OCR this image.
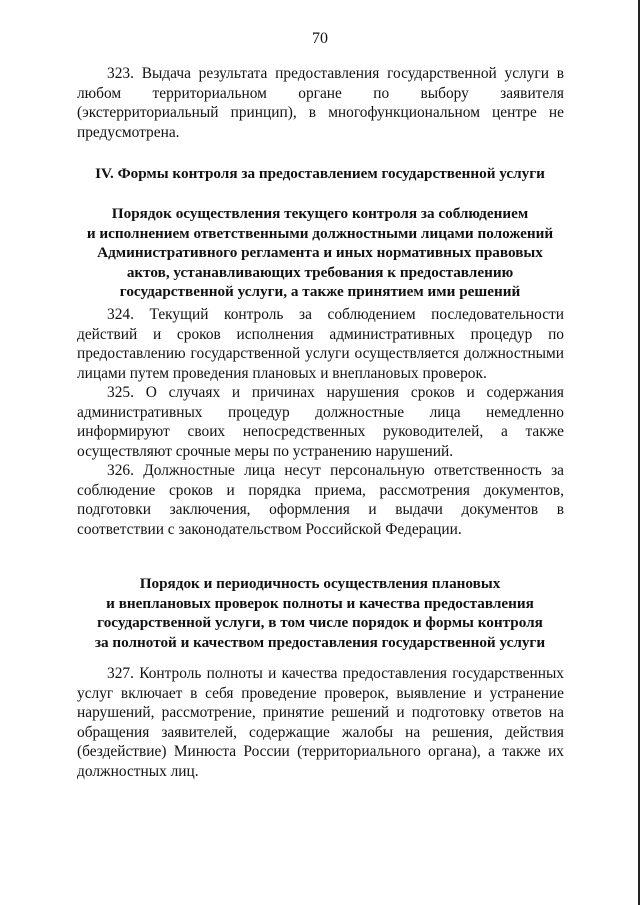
70

323. Выдача результата предоставления государственной услуги в любом территориальном органе по выбору заявителя (экстерриториальный принцип), в многофункциональном центре не предусмотрена.

IV. Формы контроля за предоставлением государственной услуги

Порядок осуществления текущего контроля за соблюдением
и исполнением ответственными должностными лицами положений
Административного регламента и иных нормативных правовых
актов, устанавливающих требования к предоставлению
государственной услуги, а также принятием ими решений

324. Текущий контроль за соблюдением последовательности действий и сроков исполнения административных процедур по предоставлению государственной услуги осуществляется должностными лицами путем проведения плановых и внеплановых проверок.

325. О случаях и причинах нарушения сроков и содержания административных процедур должностные лица немедленно информируют своих непосредственных руководителей, а также осуществляют срочные меры по устранению нарушений.

326. Должностные лица несут персональную ответственность за соблюдение сроков и порядка приема, рассмотрения документов, подготовки заключения, оформления и выдачи документов в соответствии с законодательством Российской Федерации.

Порядок и периодичность осуществления плановых
и внеплановых проверок полноты и качества предоставления
государственной услуги, в том числе порядок и формы контроля
за полнотой и качеством предоставления государственной услуги

327. Контроль полноты и качества предоставления государственных услуг включает в себя проведение проверок, выявление и устранение нарушений, рассмотрение, принятие решений и подготовку ответов на обращения заявителей, содержащие жалобы на решения, действия (бездействие) Минюста России (территориального органа), а также их должностных лиц.
